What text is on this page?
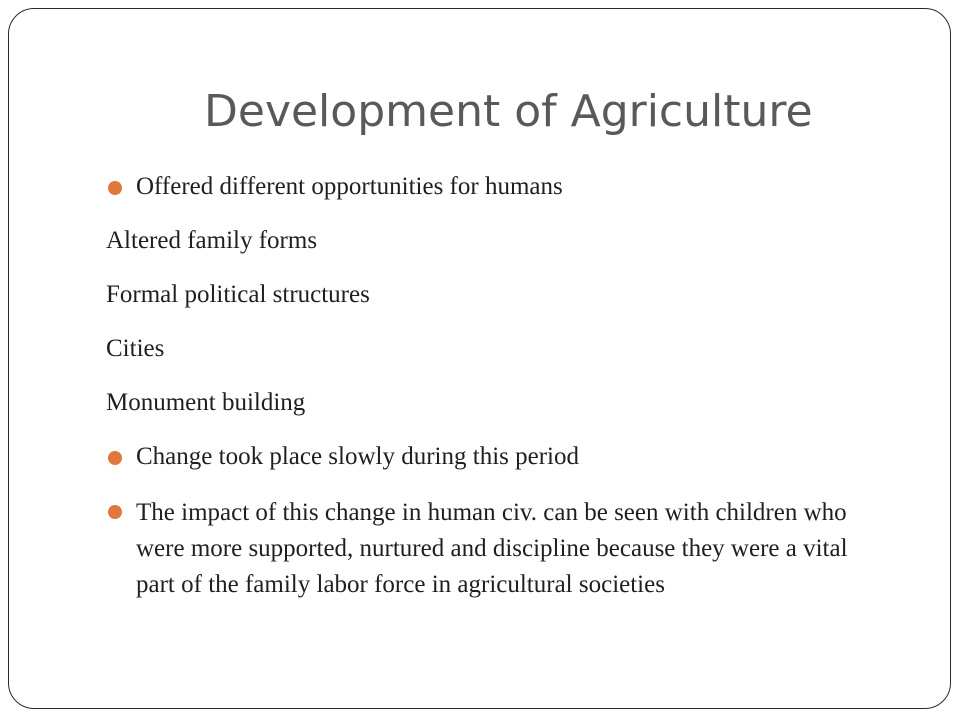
Development of Agriculture

Offered different opportunities for humans

Altered family forms

Formal political structures

Cities

Monument building

Change took place slowly during this period

The impact of this change in human civ. can be seen with children who were more supported, nurtured and discipline because they were a vital part of the family labor force in agricultural societies
